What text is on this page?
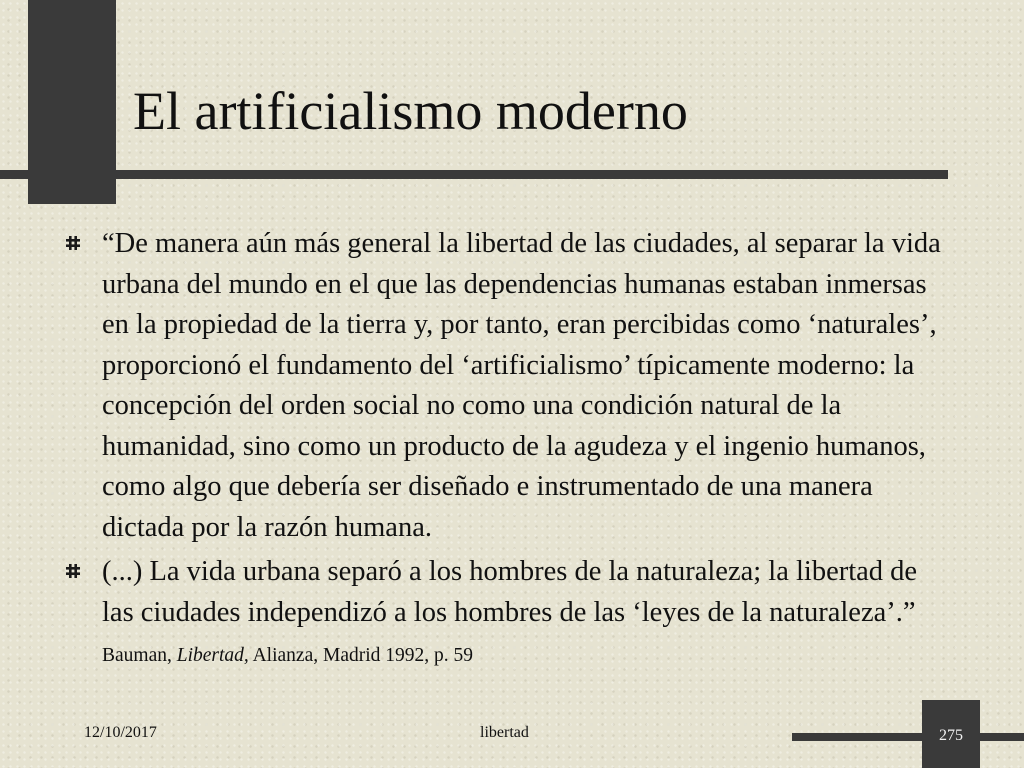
El artificialismo moderno
“De manera aún más general la libertad de las ciudades, al separar la vida urbana del mundo en el que las dependencias humanas estaban inmersas en la propiedad de la tierra y, por tanto, eran percibidas como ‘naturales’, proporcionó el fundamento del ‘artificialismo’ típicamente moderno: la concepción del orden social no como una condición natural de la humanidad, sino como un producto de la agudeza y el ingenio humanos, como algo que debería ser diseñado e instrumentado de una manera dictada por la razón humana.
(...) La vida urbana separó a los hombres de la naturaleza; la libertad de las ciudades independizó a los hombres de las ‘leyes de la naturaleza’.” Bauman, Libertad, Alianza, Madrid 1992, p. 59
12/10/2017	libertad	275
